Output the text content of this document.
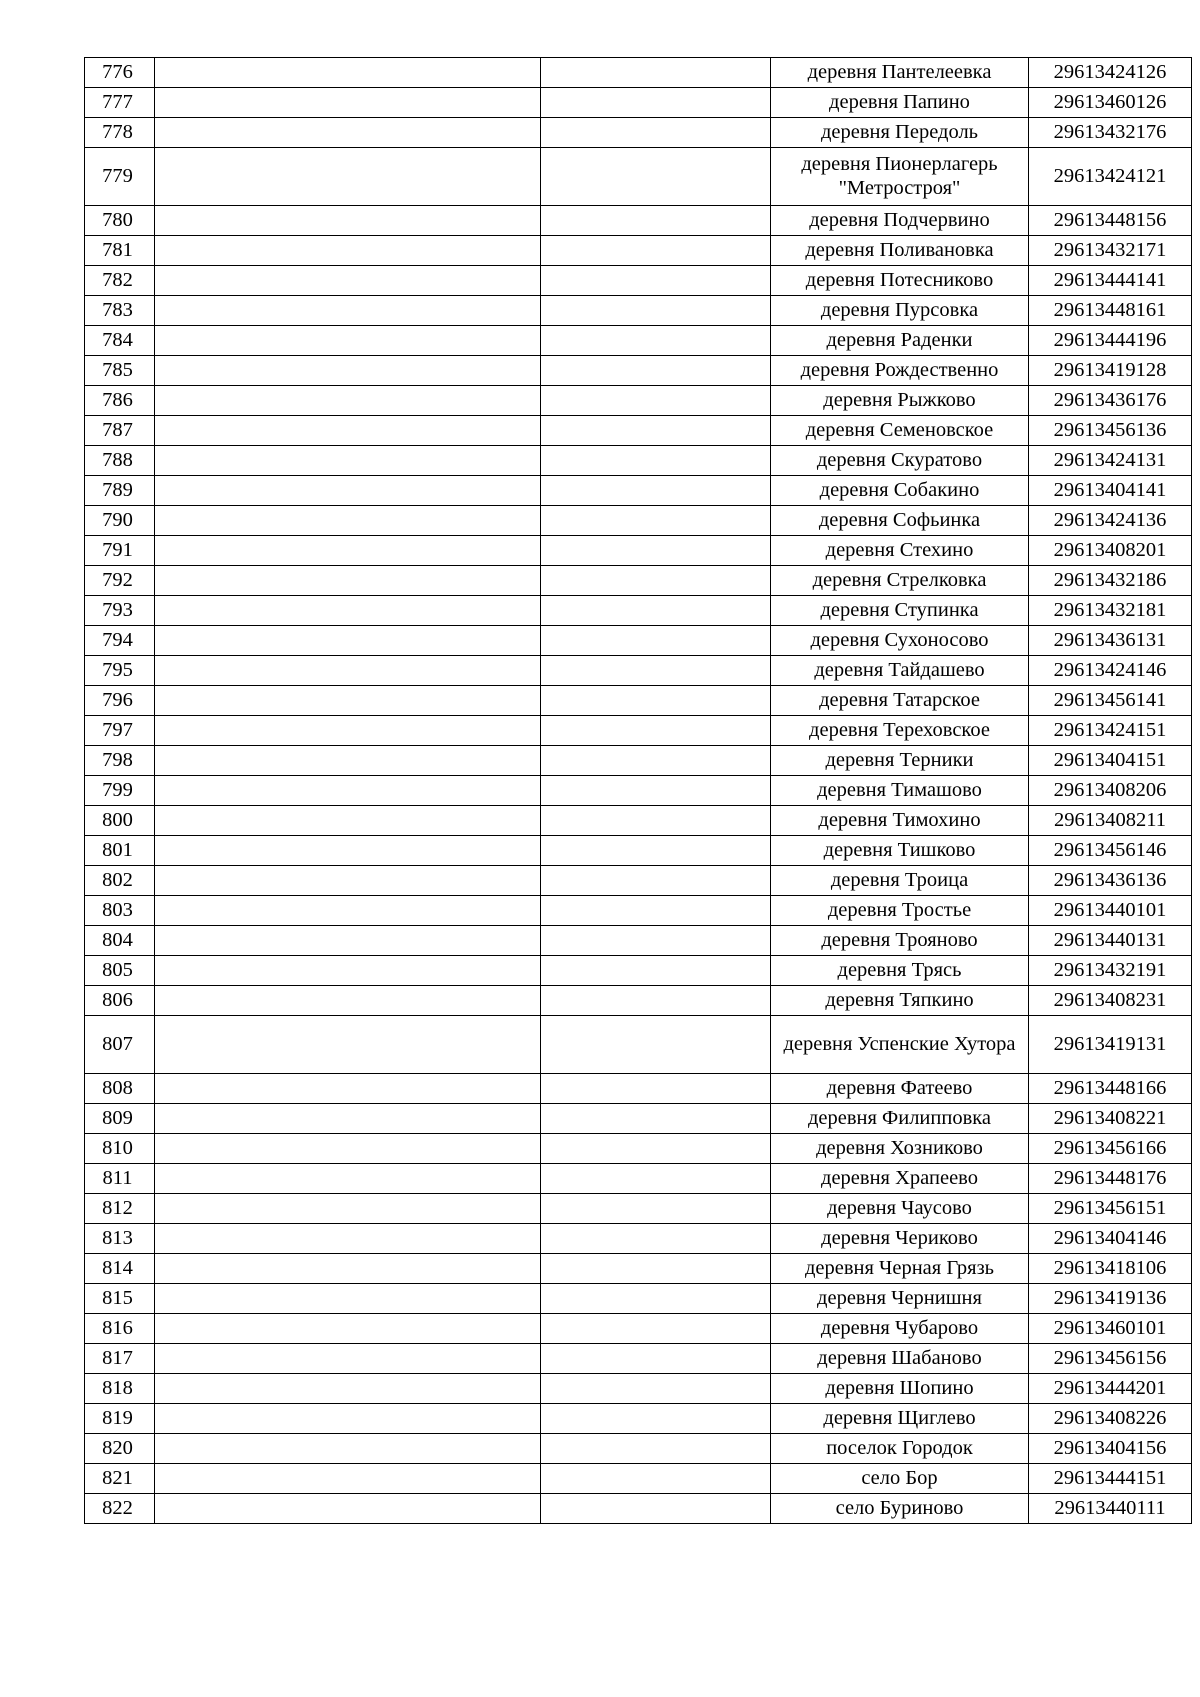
776			деревня Пантелеевка	29613424126
777			деревня Папино	29613460126
778			деревня Передоль	29613432176
779			деревня Пионерлагерь "Метростроя"	29613424121
780			деревня Подчервино	29613448156
781			деревня Поливановка	29613432171
782			деревня Потесниково	29613444141
783			деревня Пурсовка	29613448161
784			деревня Раденки	29613444196
785			деревня Рождественно	29613419128
786			деревня Рыжково	29613436176
787			деревня Семеновское	29613456136
788			деревня Скуратово	29613424131
789			деревня Собакино	29613404141
790			деревня Софьинка	29613424136
791			деревня Стехино	29613408201
792			деревня Стрелковка	29613432186
793			деревня Ступинка	29613432181
794			деревня Сухоносово	29613436131
795			деревня Тайдашево	29613424146
796			деревня Татарское	29613456141
797			деревня Тереховское	29613424151
798			деревня Терники	29613404151
799			деревня Тимашово	29613408206
800			деревня Тимохино	29613408211
801			деревня Тишково	29613456146
802			деревня Троица	29613436136
803			деревня Тростье	29613440101
804			деревня Трояново	29613440131
805			деревня Трясь	29613432191
806			деревня Тяпкино	29613408231
807			деревня Успенские Хутора	29613419131
808			деревня Фатеево	29613448166
809			деревня Филипповка	29613408221
810			деревня Хозниково	29613456166
811			деревня Храпеево	29613448176
812			деревня Чаусово	29613456151
813			деревня Чериково	29613404146
814			деревня Черная Грязь	29613418106
815			деревня Чернишня	29613419136
816			деревня Чубарово	29613460101
817			деревня Шабаново	29613456156
818			деревня Шопино	29613444201
819			деревня Щиглево	29613408226
820			поселок Городок	29613404156
821			село Бор	29613444151
822			село Буриново	29613440111
